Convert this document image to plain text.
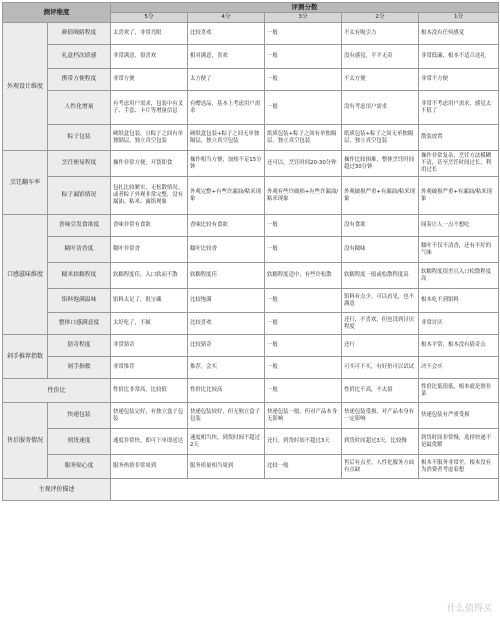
测评维度		评测分数				
		5分	4分	3分	2分	1分
外观设计维度	颜值吸睛程度	太喜欢了，非常亮眼	比较喜欢	一般	不太有吸引力	根本没有任何感觉
	礼盒档次质感	非常满意，很喜欢	相对满意，喜欢	一般	没有感觉，平平无奇	非常低廉，根本不适合送礼
	携带方便程度	非常方便	太方便了	一般	不太方便	非常不方便
	人性化增量	有考虑用户需求，包装中有叉子、手套、卡片等增量信息	有赠送品，基本上考虑用户需求	一般	没有考虑用户需求	非常不考虑用户需求，感觉太不值了
	粽子包装	硬纸盒包装，且粽子之间有单独隔层，独立真空包装	硬纸盒包装+粽子之间无单独隔层，独立真空包装	纸质包装+粽子之间有单独隔层，独立真空包装	纸质包装+粽子之间无单独隔层，独立真空包装	散装放置
烹饪翻车率	烹饪便易程度	操作非常方便，开袋即食	操作相当方便，加热不足15分钟	还可以，烹饪时间20-30分钟	操作比较困难，整体烹饪时间超过30分钟	操作非常复杂，烹饪方法模糊不清，甚至烹饪时间过长，利用过长
	粽子漏馅情况	包扎比较紧实，无松散情况；或者粽子外观非常完整，没有漏油、粘米、露馅现象	外观完整+有些许漏油/粘米现象	外观有些许破损+有些许漏油/粘米现象	外观破损严重+有漏油/粘米现象	外观破损严重+有漏油/粘米现象
口感滋味维度	香味引发食欲度	香味非常有食欲	香味比较有食欲	一般	没有食欲	闻着让人一点不想吃
	糯叶清香度	糯叶非常香	糯叶比较香	一般	没有糯味	糯叶不仅不清香，还有不好的气味
	糯米软糯程度	软糯程度佳，入口软而不散	软糯程度佳	软糯程度适中，有些许松散	软糯程度一般或松散程度高	软糯程度很差且入口松散程度高
	馅料饱满温味	馅料太足了，很宝藏	比较饱满	一般	馅料有点少，可以看见，也不满意	根本吃不到馅料
	整体口感满意度	太好吃了，不腻	比较喜欢	一般	还行，不喜欢，但也没到讨厌程度	非常讨厌
剁手推荐指数	猜奇程度	非常猜奇	比较猜奇	一般	还行	根本平常，根本没有猜奇点
	剁手指数	非常推荐	推荐，会买	一般	可买可不买，有好价可以试试	决不会买
性价比		性价比非常高，比较值	性价比比较高	一般	性价比不高，不太值	性价比低很低，根本就是割韭菜
售后服务情况	快递包装	快递包装完好，有独立盒子包装	快递包装较好，但无独立盒子包装	快递包装一般，但对产品本身无影响	快递包装受损，对产品本身有一定影响	快递包装有严重受损
	到货速度	速度非常快，即可下单即送达	速度相当快，到货时间不超过2天	还行，到货时间不超过3天	到货时间超过3天，比较慢	到货时间非常慢，选择快递不是最优解
	服务贴心度	服务热情非常周到	服务质量相当周到	比较一般	售后有点差，人性化服务方面有点缺	根本不服务非常差，根本没有为消费者考虑着想
主观评价描述						
什么值得买
